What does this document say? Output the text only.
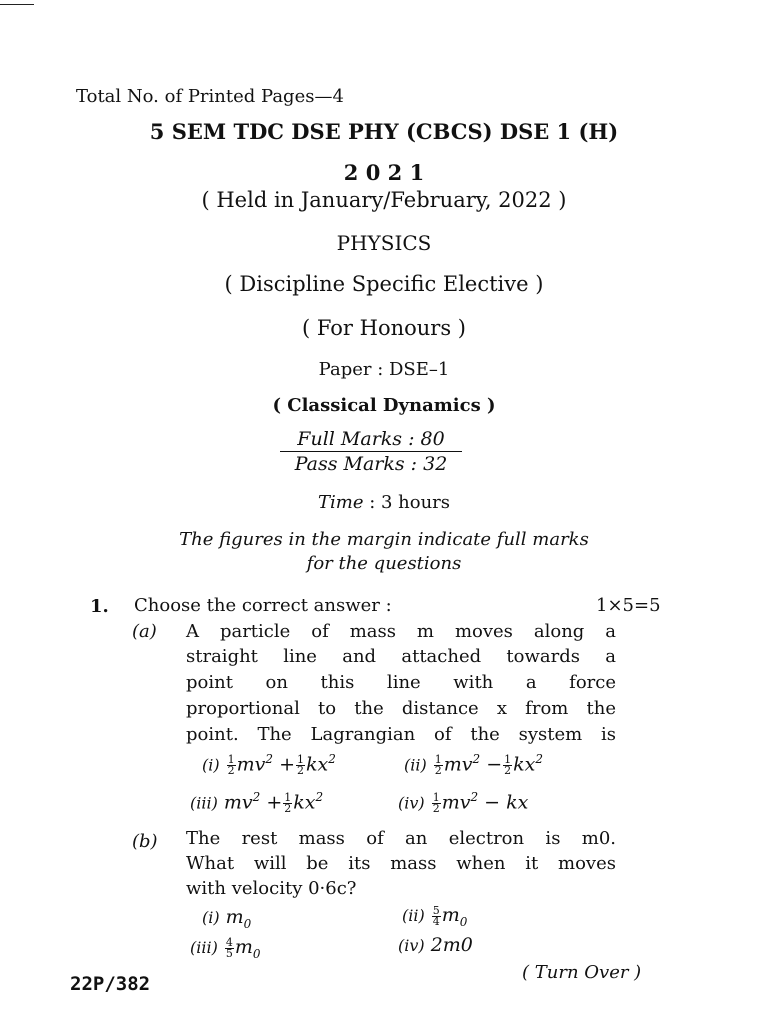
Total No. of Printed Pages—4
5 SEM TDC DSE PHY (CBCS) DSE 1 (H)
2 0 2 1
( Held in January/February, 2022 )
PHYSICS
( Discipline Specific Elective )
( For Honours )
Paper : DSE–1
( Classical Dynamics )
Full Marks : 80
Pass Marks : 32
Time : 3 hours
The figures in the margin indicate full marks
for the questions
1. Choose the correct answer :	1×5=5
(a) A particle of mass m moves along a
straight line and attached towards a
point on this line with a force
proportional to the distance x from the
point. The Lagrangian of the system is
$(i) \frac{1}{2} mv^2 + \frac{1}{2} kx^2$	$(ii) \frac{1}{2} mv^2 - \frac{1}{2} kx^2$
(iii) $mv^2 + \frac{1}{2} kx^2$	$(iv) \frac{1}{2} mv^2$ − kx
(b) The rest mass of an electron is m0.
What will be its mass when it moves
with velocity 0·6c?
(i) $m_0$	$(ii) \frac{5}{4} m_0$
$(iii) \frac{4}{5} m_0$	(iv) 2m0
22P/382
( Turn Over )
